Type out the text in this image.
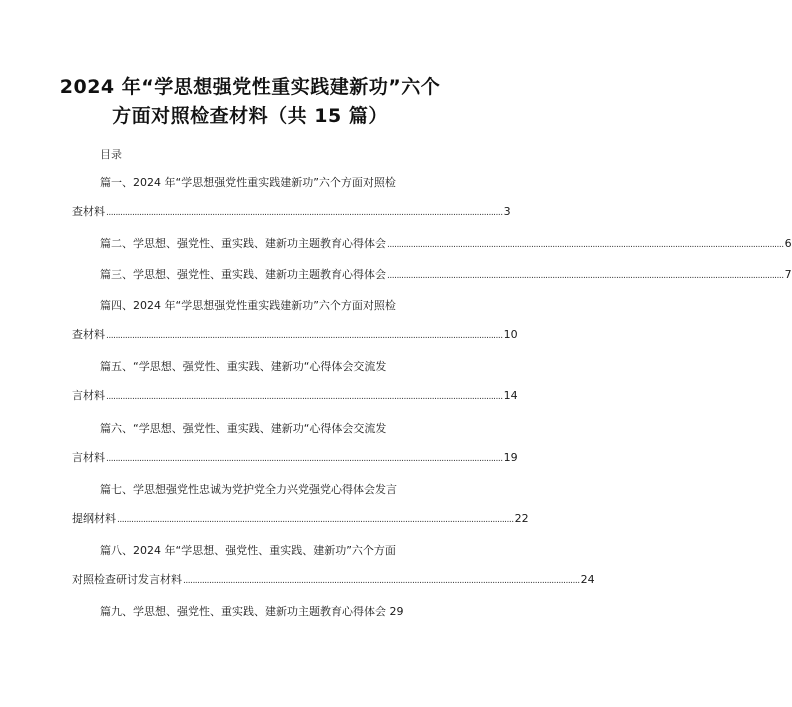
2024 年“学思想强党性重实践建新功”六个
方面对照检查材料（共 15 篇）
目录
篇一、2024 年“学思想强党性重实践建新功”六个方面对照检
查材料 ........................................................................................................................................................................ 3
篇二、学思想、强党性、重实践、建新功主题教育心得体会 ........................................................................................................................................................................ 6
篇三、学思想、强党性、重实践、建新功主题教育心得体会 ........................................................................................................................................................................ 7
篇四、2024 年“学思想强党性重实践建新功”六个方面对照检
查材料 ........................................................................................................................................................................ 10
篇五、“学思想、强党性、重实践、建新功“心得体会交流发
言材料 ........................................................................................................................................................................ 14
篇六、“学思想、强党性、重实践、建新功“心得体会交流发
言材料 ........................................................................................................................................................................ 19
篇七、学思想强党性忠诚为党护党全力兴党强党心得体会发言
提纲材料 ........................................................................................................................................................................ 22
篇八、2024 年“学思想、强党性、重实践、建新功”六个方面
对照检查研讨发言材料 ........................................................................................................................................................................ 24
篇九、学思想、强党性、重实践、建新功主题教育心得体会 29
